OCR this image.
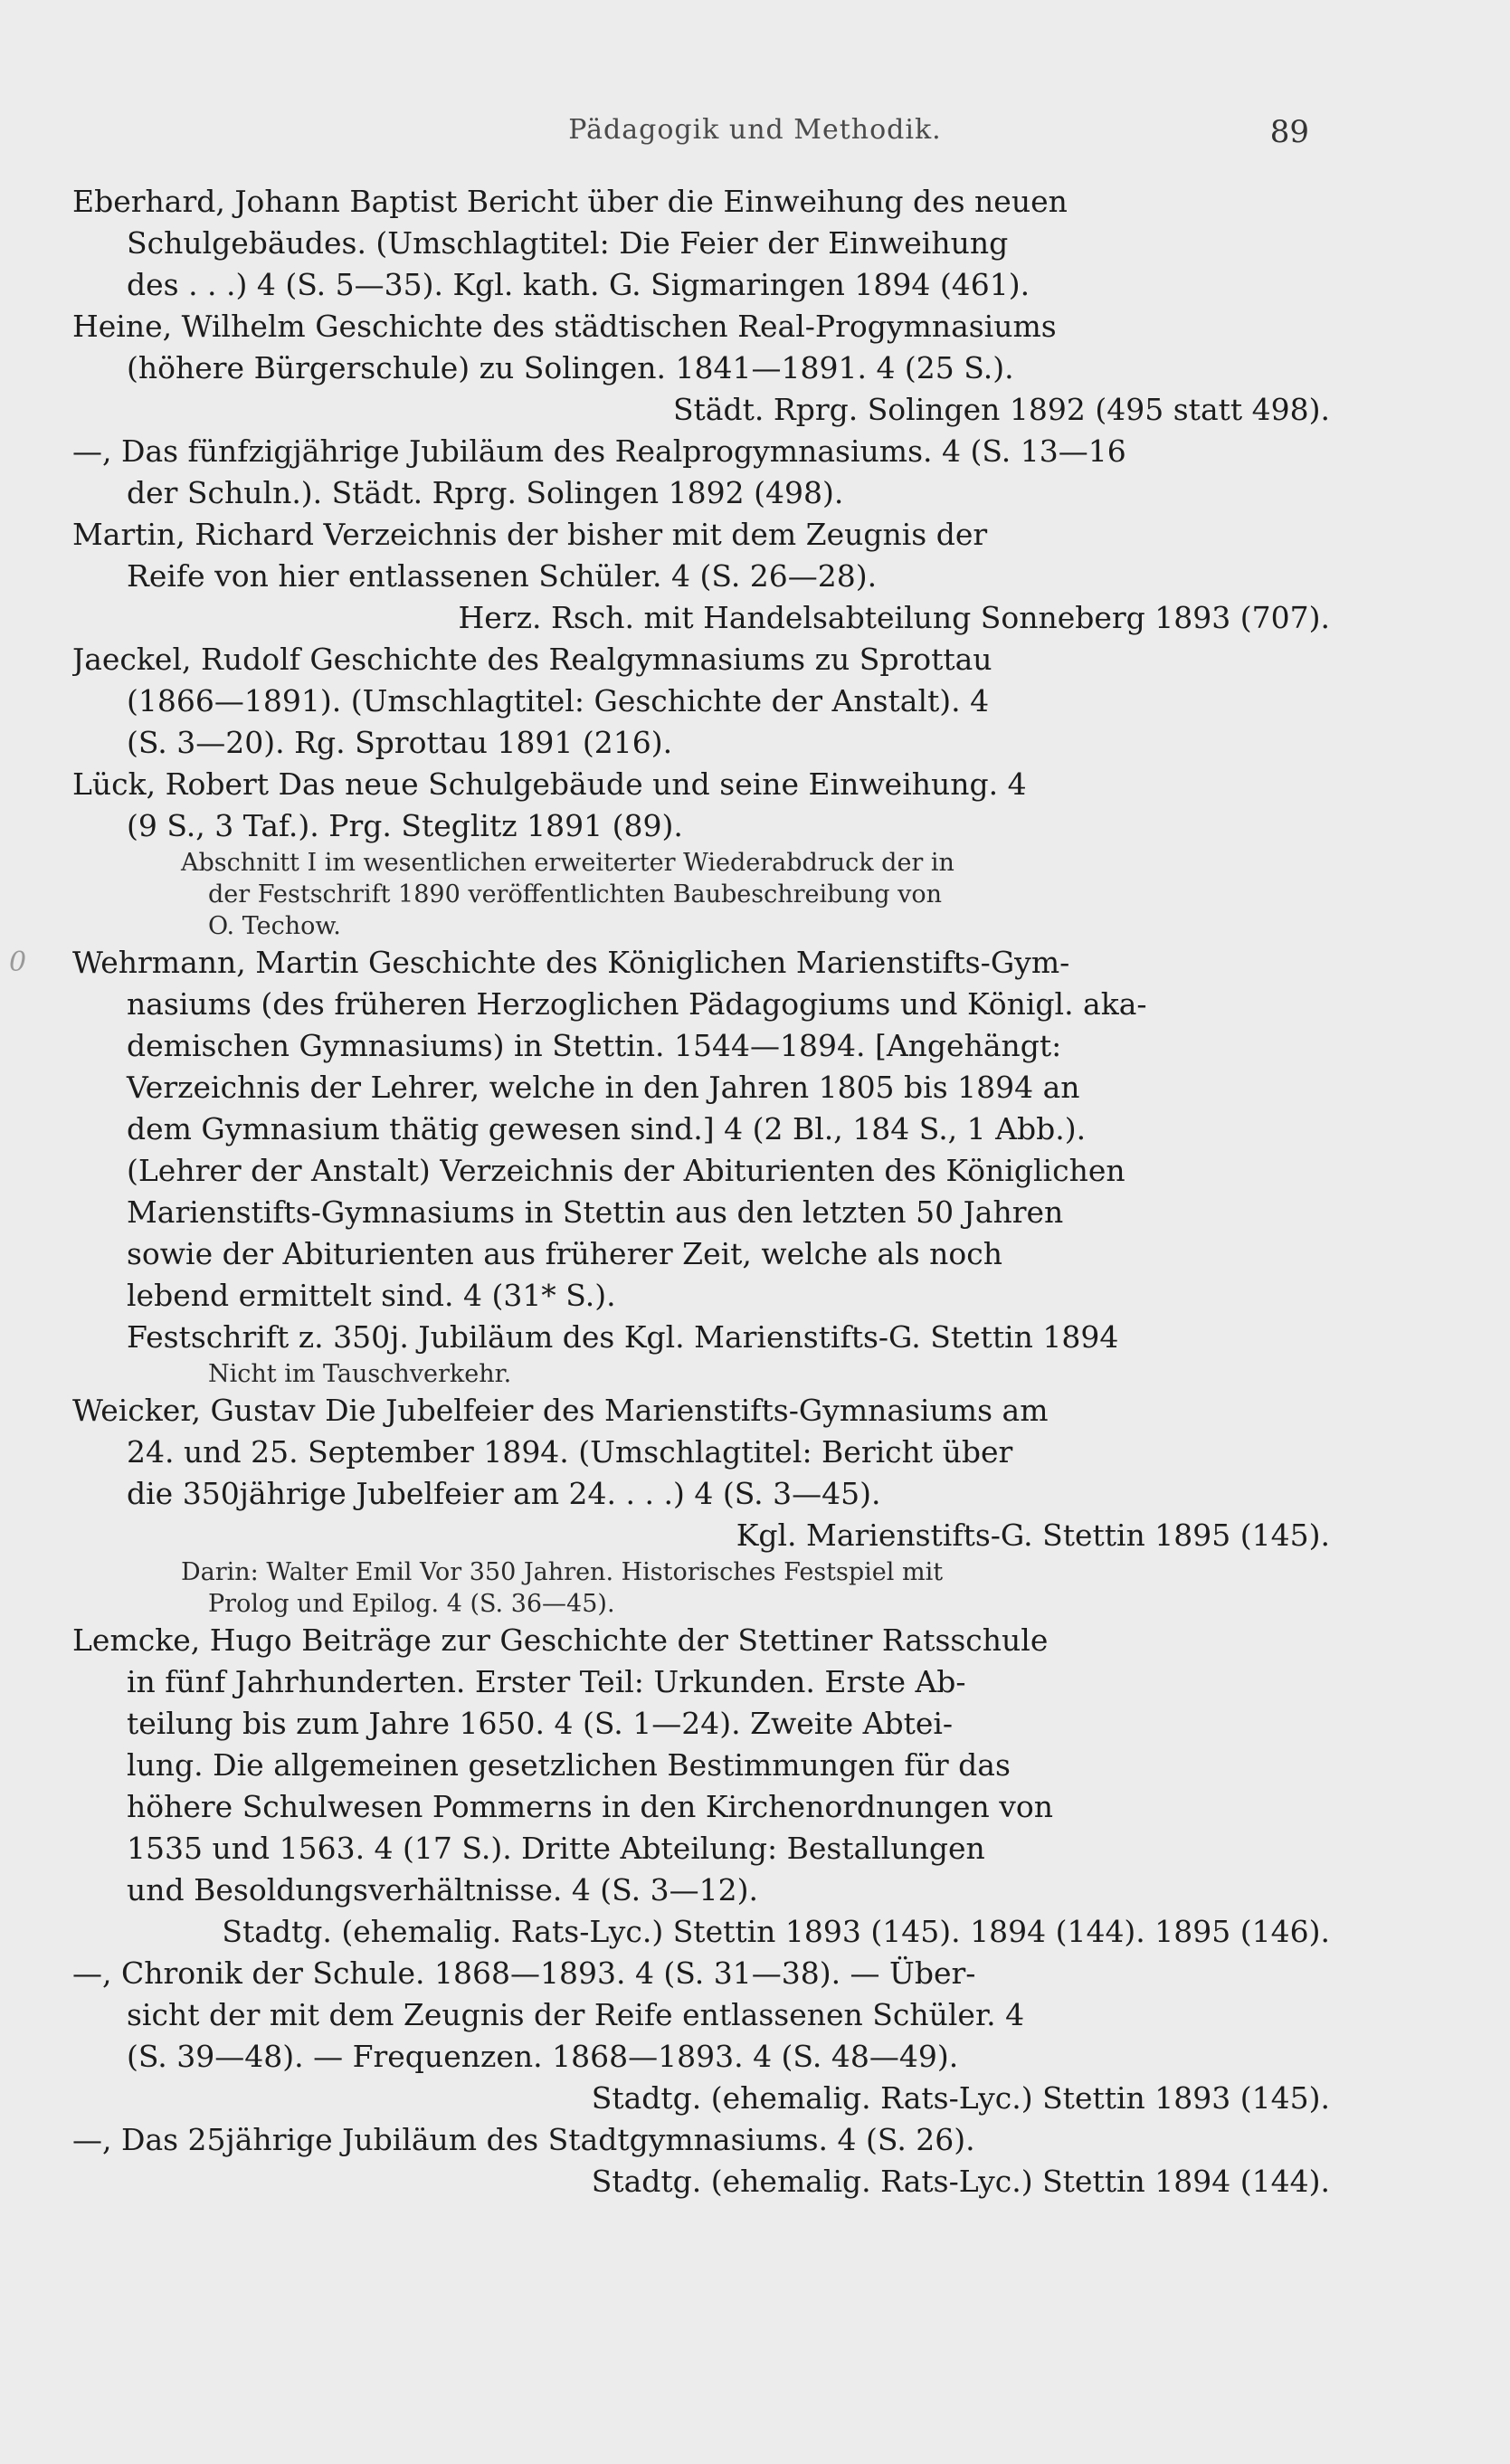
Pädagogik und Methodik.	89
Eberhard, Johann Baptist Bericht über die Einweihung des neuen
Schulgebäudes. (Umschlagtitel: Die Feier der Einweihung
des . . .) 4 (S. 5—35). Kgl. kath. G. Sigmaringen 1894 (461).
Heine, Wilhelm Geschichte des städtischen Real-Progymnasiums
(höhere Bürgerschule) zu Solingen. 1841—1891. 4 (25 S.).
Städt. Rprg. Solingen 1892 (495 statt 498).
—, Das fünfzigjährige Jubiläum des Realprogymnasiums. 4 (S. 13—16
der Schuln.). Städt. Rprg. Solingen 1892 (498).
Martin, Richard Verzeichnis der bisher mit dem Zeugnis der
Reife von hier entlassenen Schüler. 4 (S. 26—28).
Herz. Rsch. mit Handelsabteilung Sonneberg 1893 (707).
Jaeckel, Rudolf Geschichte des Realgymnasiums zu Sprottau
(1866—1891). (Umschlagtitel: Geschichte der Anstalt). 4
(S. 3—20). Rg. Sprottau 1891 (216).
Lück, Robert Das neue Schulgebäude und seine Einweihung. 4
(9 S., 3 Taf.). Prg. Steglitz 1891 (89).
Abschnitt I im wesentlichen erweiterter Wiederabdruck der in
der Festschrift 1890 veröffentlichten Baubeschreibung von
O. Techow.
0 Wehrmann, Martin Geschichte des Königlichen Marienstifts-Gym-
nasiums (des früheren Herzoglichen Pädagogiums und Königl. aka-
demischen Gymnasiums) in Stettin. 1544—1894. [Angehängt:
Verzeichnis der Lehrer, welche in den Jahren 1805 bis 1894 an
dem Gymnasium thätig gewesen sind.] 4 (2 Bl., 184 S., 1 Abb.).
(Lehrer der Anstalt) Verzeichnis der Abiturienten des Königlichen
Marienstifts-Gymnasiums in Stettin aus den letzten 50 Jahren
sowie der Abiturienten aus früherer Zeit, welche als noch
lebend ermittelt sind. 4 (31* S.).
Festschrift z. 350j. Jubiläum des Kgl. Marienstifts-G. Stettin 1894
Nicht im Tauschverkehr.
Weicker, Gustav Die Jubelfeier des Marienstifts-Gymnasiums am
24. und 25. September 1894. (Umschlagtitel: Bericht über
die 350jährige Jubelfeier am 24. . . .) 4 (S. 3—45).
Kgl. Marienstifts-G. Stettin 1895 (145).
Darin: Walter Emil Vor 350 Jahren. Historisches Festspiel mit
Prolog und Epilog. 4 (S. 36—45).
Lemcke, Hugo Beiträge zur Geschichte der Stettiner Ratsschule
in fünf Jahrhunderten. Erster Teil: Urkunden. Erste Ab-
teilung bis zum Jahre 1650. 4 (S. 1—24). Zweite Abtei-
lung. Die allgemeinen gesetzlichen Bestimmungen für das
höhere Schulwesen Pommerns in den Kirchenordnungen von
1535 und 1563. 4 (17 S.). Dritte Abteilung: Bestallungen
und Besoldungsverhältnisse. 4 (S. 3—12).
Stadtg. (ehemalig. Rats-Lyc.) Stettin 1893 (145). 1894 (144). 1895 (146).
—, Chronik der Schule. 1868—1893. 4 (S. 31—38). — Über-
sicht der mit dem Zeugnis der Reife entlassenen Schüler. 4
(S. 39—48). — Frequenzen. 1868—1893. 4 (S. 48—49).
Stadtg. (ehemalig. Rats-Lyc.) Stettin 1893 (145).
—, Das 25jährige Jubiläum des Stadtgymnasiums. 4 (S. 26).
Stadtg. (ehemalig. Rats-Lyc.) Stettin 1894 (144).
